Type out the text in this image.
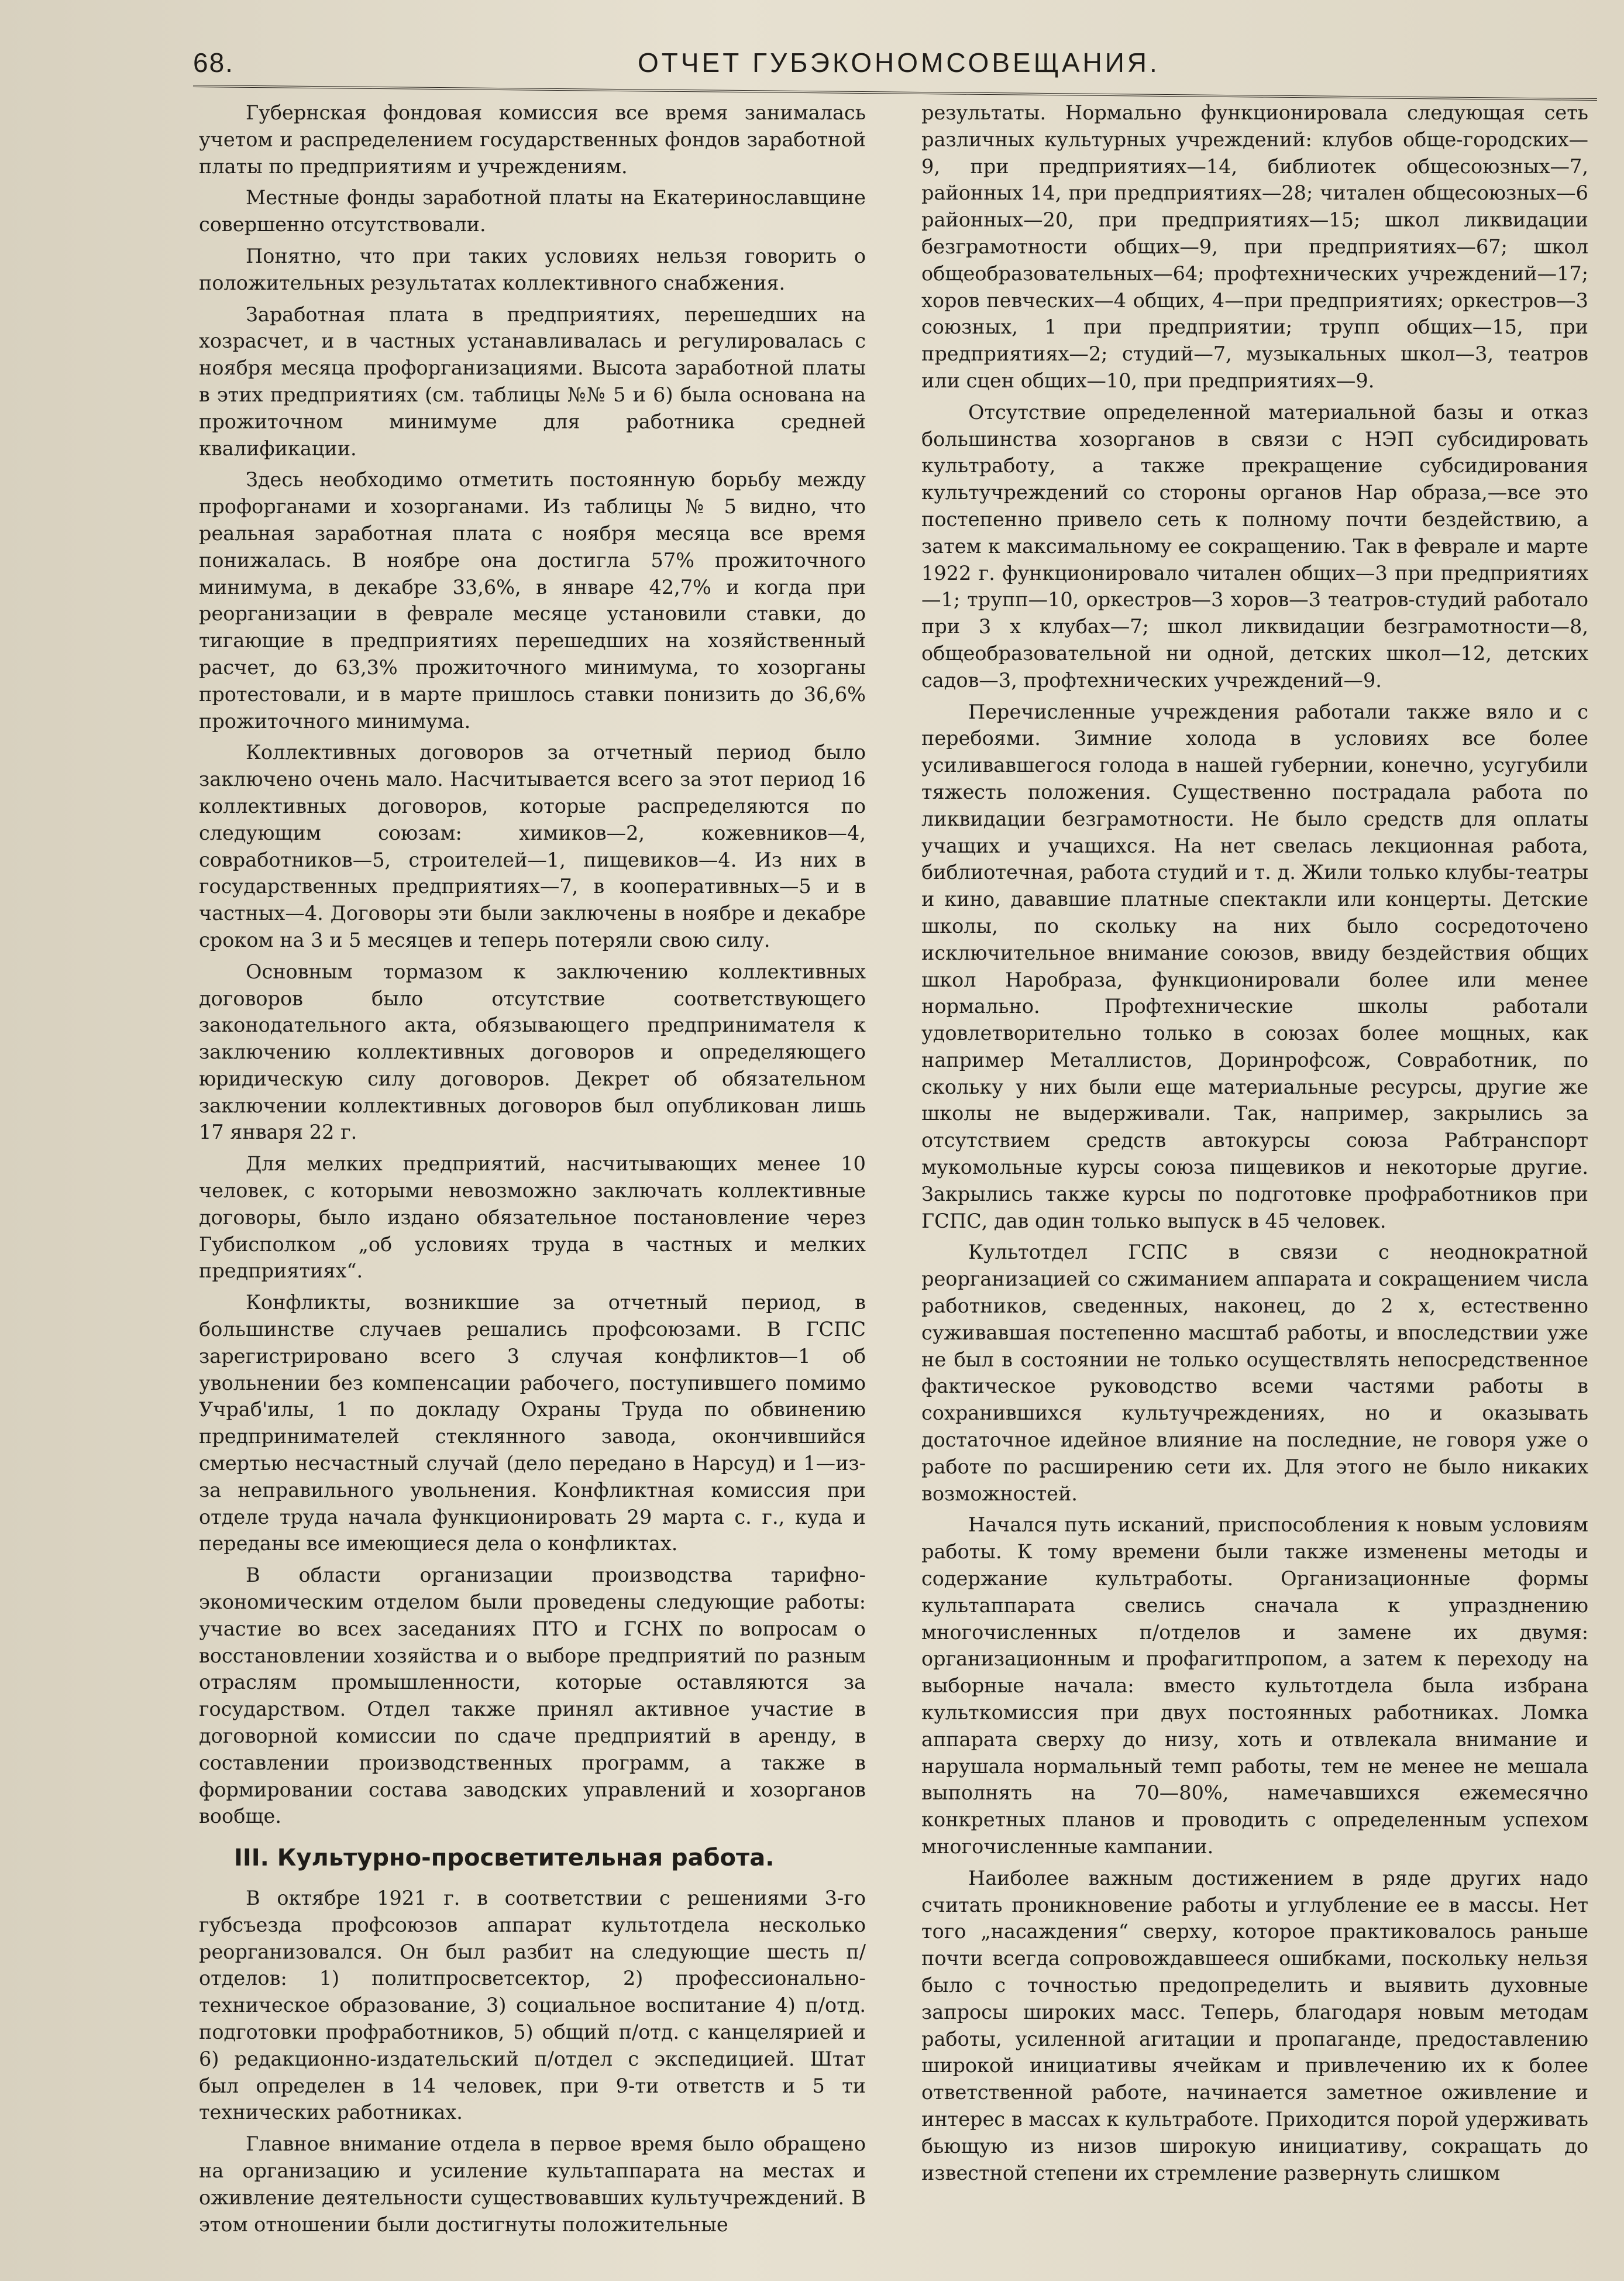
68.	ОТЧЕТ ГУБЭКОНОМСОВЕЩАНИЯ.

Губернская фондовая комиссия все время занималась учетом и распределением государственных фондов заработной платы по предприятиям и учреждениям.

Местные фонды заработной платы на Екатеринославщине совершенно отсутствовали.

Понятно, что при таких условиях нельзя говорить о положительных результатах коллективного снабжения.

Заработная плата в предприятиях, перешедших на хозрасчет, и в частных устанавливалась и регулировалась с ноября месяца профорганизациями. Высота заработной платы в этих предприятиях (см. таблицы №№ 5 и 6) была основана на прожиточном минимуме для работника средней квалификации.

Здесь необходимо отметить постоянную борьбу между профорганами и хозорганами. Из таблицы № 5 видно, что реальная заработная плата с ноября месяца все время понижалась. В ноябре она достигла 57% прожиточного минимума, в декабре 33,6%, в январе 42,7% и когда при реорганизации в феврале месяце установили ставки, до тигающие в предприятиях перешедших на хозяйственный расчет, до 63,3% прожиточного минимума, то хозорганы протестовали, и в марте пришлось ставки понизить до 36,6% прожиточного минимума.

Коллективных договоров за отчетный период было заключено очень мало. Насчитывается всего за этот период 16 коллективных договоров, которые распределяются по следующим союзам: химиков—2, кожевников—4, совработников—5, строителей—1, пищевиков—4. Из них в государственных предприятиях—7, в кооперативных—5 и в частных—4. Договоры эти были заключены в ноябре и декабре сроком на 3 и 5 месяцев и теперь потеряли свою силу.

Основным тормазом к заключению коллективных договоров было отсутствие соответствующего законодательного акта, обязывающего предпринимателя к заключению коллективных договоров и определяющего юридическую силу договоров. Декрет об обязательном заключении коллективных договоров был опубликован лишь 17 января 22 г.

Для мелких предприятий, насчитывающих менее 10 человек, с которыми невозможно заключать коллективные договоры, было издано обязательное постановление через Губисполком „об условиях труда в частных и мелких предприятиях“.

Конфликты, возникшие за отчетный период, в большинстве случаев решались профсоюзами. В ГСПС зарегистрировано всего 3 случая конфликтов—1 об увольнении без компенсации рабочего, поступившего помимо Учраб'илы, 1 по докладу Охраны Труда по обвинению предпринимателей стеклянного завода, окончившийся смертью несчастный случай (дело передано в Нарсуд) и 1—из-за неправильного увольнения. Конфликтная комиссия при отделе труда начала функционировать 29 марта с. г., куда и переданы все имеющиеся дела о конфликтах.

В области организации производства тарифно-экономическим отделом были проведены следующие работы: участие во всех заседаниях ПТО и ГСНХ по вопросам о восстановлении хозяйства и о выборе предприятий по разным отраслям промышленности, которые оставляются за государством. Отдел также принял активное участие в договорной комиссии по сдаче предприятий в аренду, в составлении производственных программ, а также в формировании состава заводских управлений и хозорганов вообще.

III. Культурно-просветительная работа.

В октябре 1921 г. в соответствии с решениями 3-го губсъезда профсоюзов аппарат культотдела несколько реорганизовался. Он был разбит на следующие шесть п/отделов: 1) политпросветсектор, 2) профессионально-техническое образование, 3) социальное воспитание 4) п/отд. подготовки профработников, 5) общий п/отд. с канцелярией и 6) редакционно-издательский п/отдел с экспедицией. Штат был определен в 14 человек, при 9-ти ответств и 5 ти технических работниках.

Главное внимание отдела в первое время было обращено на организацию и усиление культаппарата на местах и оживление деятельности существовавших культучреждений. В этом отношении были достигнуты положительные

результаты. Нормально функционировала следующая сеть различных культурных учреждений: клубов обще-городских—9, при предприятиях—14, библиотек общесоюзных—7, районных 14, при предприятиях—28; читален общесоюзных—6 районных—20, при предприятиях—15; школ ликвидации безграмотности общих—9, при предприятиях—67; школ общеобразовательных—64; профтехнических учреждений—17; хоров певческих—4 общих, 4—при предприятиях; оркестров—3 союзных, 1 при предприятии; трупп общих—15, при предприятиях—2; студий—7, музыкальных школ—3, театров или сцен общих—10, при предприятиях—9.

Отсутствие определенной материальной базы и отказ большинства хозорганов в связи с НЭП субсидировать культработу, а также прекращение субсидирования культучреждений со стороны органов Нар образа,—все это постепенно привело сеть к полному почти бездействию, а затем к максимальному ее сокращению. Так в феврале и марте 1922 г. функционировало читален общих—3 при предприятиях—1; трупп—10, оркестров—3 хоров—3 театров-студий работало при 3 х клубах—7; школ ликвидации безграмотности—8, общеобразовательной ни одной, детских школ—12, детских садов—3, профтехнических учреждений—9.

Перечисленные учреждения работали также вяло и с перебоями. Зимние холода в условиях все более усиливавшегося голода в нашей губернии, конечно, усугубили тяжесть положения. Существенно пострадала работа по ликвидации безграмотности. Не было средств для оплаты учащих и учащихся. На нет свелась лекционная работа, библиотечная, работа студий и т. д. Жили только клубы-театры и кино, дававшие платные спектакли или концерты. Детские школы, по скольку на них было сосредоточено исключительное внимание союзов, ввиду бездействия общих школ Наробраза, функционировали более или менее нормально. Профтехнические школы работали удовлетворительно только в союзах более мощных, как например Металлистов, Доринрофсож, Совработник, по скольку у них были еще материальные ресурсы, другие же школы не выдерживали. Так, например, закрылись за отсутствием средств автокурсы союза Рабтранспорт мукомольные курсы союза пищевиков и некоторые другие. Закрылись также курсы по подготовке профработников при ГСПС, дав один только выпуск в 45 человек.

Культотдел ГСПС в связи с неоднократной реорганизацией со сжиманием аппарата и сокращением числа работников, сведенных, наконец, до 2 х, естественно суживавшая постепенно масштаб работы, и впоследствии уже не был в состоянии не только осуществлять непосредственное фактическое руководство всеми частями работы в сохранившихся культучреждениях, но и оказывать достаточное идейное влияние на последние, не говоря уже о работе по расширению сети их. Для этого не было никаких возможностей.

Начался путь исканий, приспособления к новым условиям работы. К тому времени были также изменены методы и содержание культработы. Организационные формы культаппарата свелись сначала к упразднению многочисленных п/отделов и замене их двумя: организационным и профагитпропом, а затем к переходу на выборные начала: вместо культотдела была избрана культкомиссия при двух постоянных работниках. Ломка аппарата сверху до низу, хоть и отвлекала внимание и нарушала нормальный темп работы, тем не менее не мешала выполнять на 70—80%, намечавшихся ежемесячно конкретных планов и проводить с определенным успехом многочисленные кампании.

Наиболее важным достижением в ряде других надо считать проникновение работы и углубление ее в массы. Нет того „насаждения“ сверху, которое практиковалось раньше почти всегда сопровождавшееся ошибками, поскольку нельзя было с точностью предопределить и выявить духовные запросы широких масс. Теперь, благодаря новым методам работы, усиленной агитации и пропаганде, предоставлению широкой инициативы ячейкам и привлечению их к более ответственной работе, начинается заметное оживление и интерес в массах к культработе. Приходится порой удерживать бьющую из низов широкую инициативу, сокращать до известной степени их стремление развернуть слишком
